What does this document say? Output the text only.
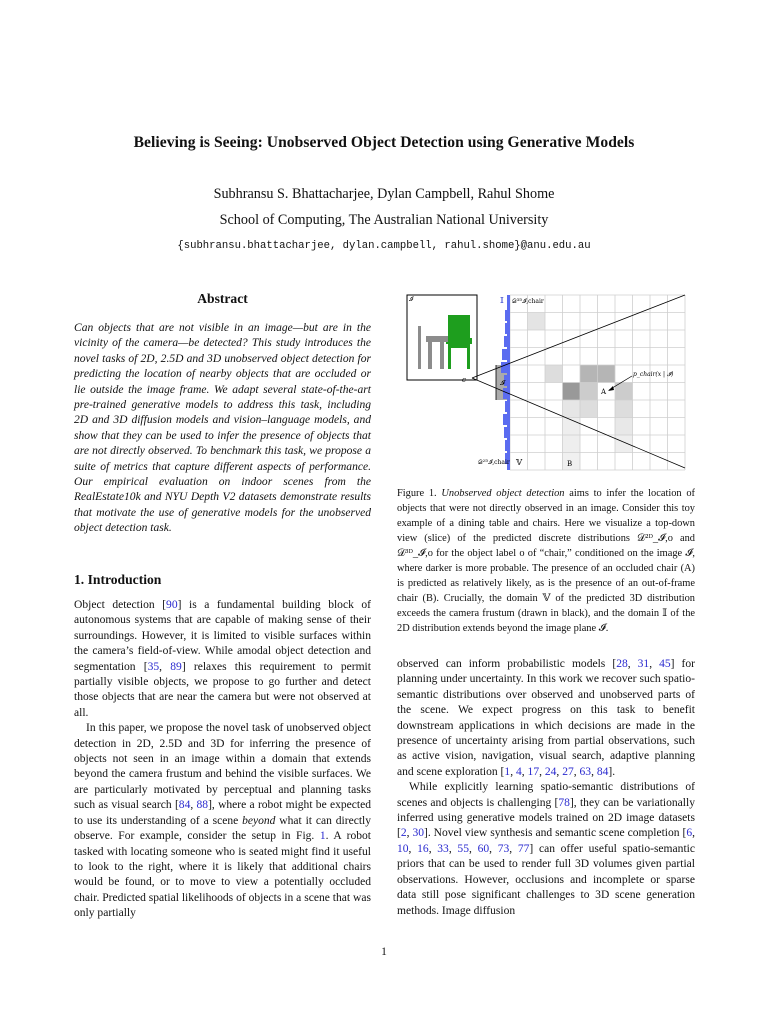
Believing is Seeing: Unobserved Object Detection using Generative Models
Subhransu S. Bhattacharjee, Dylan Campbell, Rahul Shome
School of Computing, The Australian National University
{subhransu.bhattacharjee, dylan.campbell, rahul.shome}@anu.edu.au
Abstract

Can objects that are not visible in an image—but are in the vicinity of the camera—be detected? This study introduces the novel tasks of 2D, 2.5D and 3D unobserved object detection for predicting the location of nearby objects that are occluded or lie outside the image frame. We adapt several state-of-the-art pre-trained generative models to address this task, including 2D and 3D diffusion models and vision–language models, and show that they can be used to infer the presence of objects that are not directly observed. To benchmark this task, we propose a suite of metrics that capture different aspects of performance. Our empirical evaluation on indoor scenes from the RealEstate10k and NYU Depth V2 datasets demonstrate results that motivate the use of generative models for the unobserved object detection task.

1. Introduction

Object detection [90] is a fundamental building block of autonomous systems that are capable of making sense of their surroundings. However, it is limited to visible surfaces within the camera’s field-of-view. While amodal object detection and segmentation [35, 89] relaxes this requirement to permit partially visible objects, we propose to go further and detect those objects that are near the camera but were not observed at all.

In this paper, we propose the novel task of unobserved object detection in 2D, 2.5D and 3D for inferring the presence of objects not seen in an image within a domain that extends beyond the camera frustum and behind the visible surfaces. We are particularly motivated by perceptual and planning tasks such as visual search [84, 88], where a robot might be expected to use its understanding of a scene beyond what it can directly observe. For example, consider the setup in Fig. 1. A robot tasked with locating someone who is seated might find it useful to look to the right, where it is likely that additional chairs would be found, or to move to view a potentially occluded chair. Predicted spatial likelihoods of objects in a scene that was only partially

𝓘
c	𝓘
𝕀 𝒟³ᴰ𝓘,chair
𝒟²ᴰ𝓘,chair 𝕍
A
B
p_chair(x | 𝓘)

Figure 1. Unobserved object detection aims to infer the location of objects that were not directly observed in an image. Consider this toy example of a dining table and chairs. Here we visualize a top-down view (slice) of the predicted discrete distributions 𝒟²ᴰ_𝓘,o and 𝒟³ᴰ_𝓘,o for the object label o of “chair,” conditioned on the image 𝓘, where darker is more probable. The presence of an occluded chair (A) is predicted as relatively likely, as is the presence of an out-of-frame chair (B). Crucially, the domain 𝕍 of the predicted 3D distribution exceeds the camera frustum (drawn in black), and the domain 𝕀 of the 2D distribution extends beyond the image plane 𝓘.

observed can inform probabilistic models [28, 31, 45] for planning under uncertainty. In this work we recover such spatio-semantic distributions over observed and unobserved parts of the scene. We expect progress on this task to benefit downstream applications in which decisions are made in the presence of uncertainty arising from partial observations, such as active vision, navigation, visual search, adaptive planning and scene exploration [1, 4, 17, 24, 27, 63, 84].

While explicitly learning spatio-semantic distributions of scenes and objects is challenging [78], they can be variationally inferred using generative models trained on 2D image datasets [2, 30]. Novel view synthesis and semantic scene completion [6, 10, 16, 33, 55, 60, 73, 77] can offer useful spatio-semantic priors that can be used to render full 3D volumes given partial observations. However, occlusions and incomplete or sparse data still pose significant challenges to 3D scene generation methods. Image diffusion

1
